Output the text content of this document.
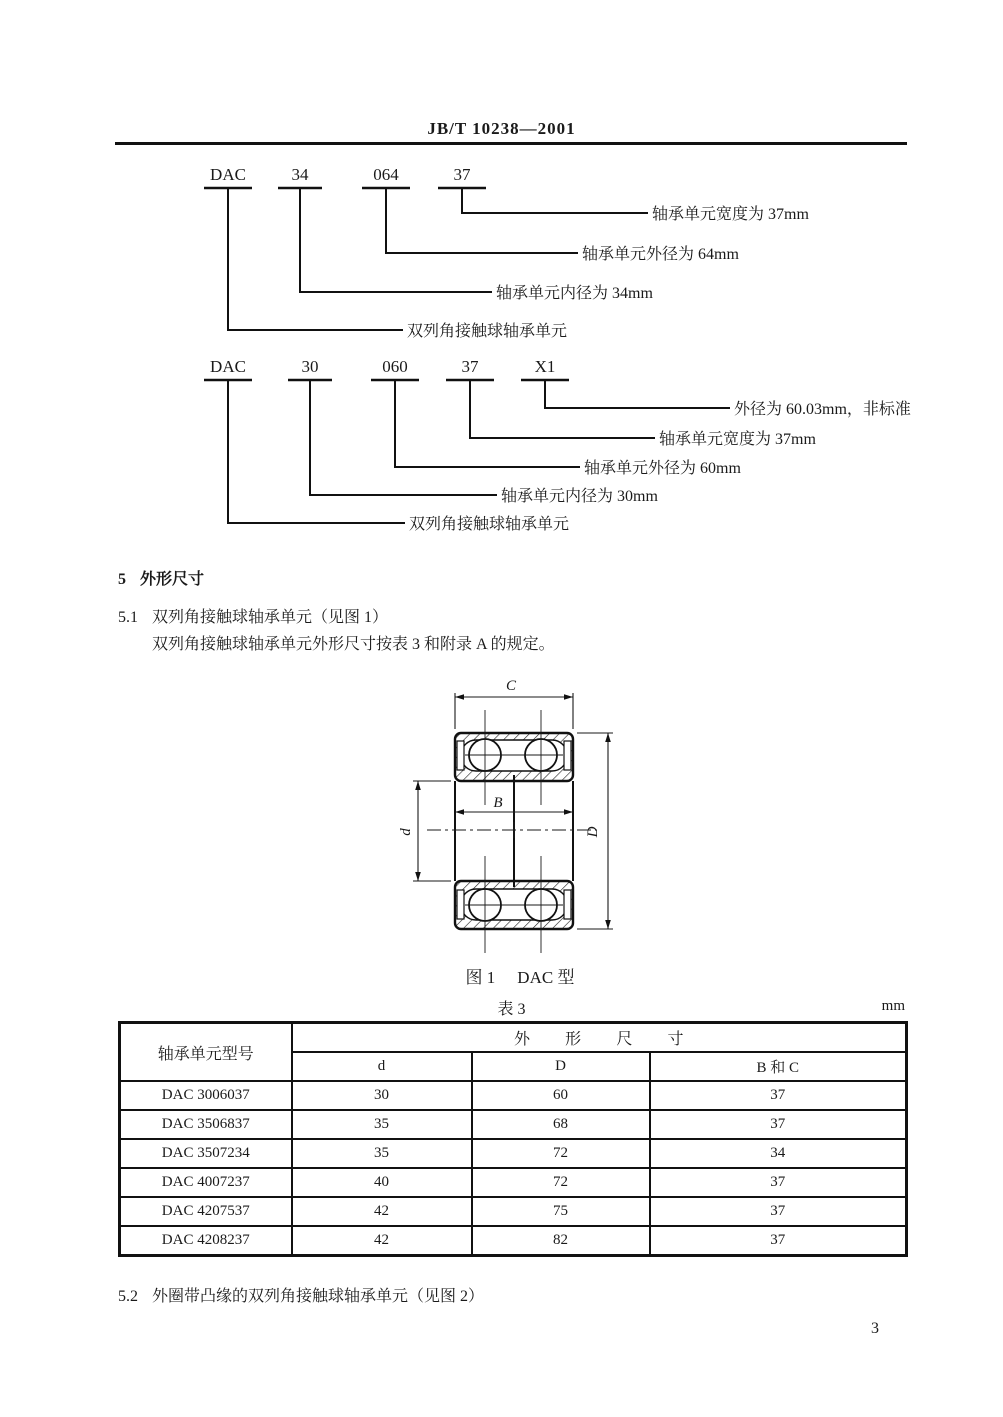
JB/T 10238—2001
DAC	34	064	37
轴承单元宽度为 37mm
轴承单元外径为 64mm
轴承单元内径为 34mm
双列角接触球轴承单元
DAC	30	060	37	X1
外径为 60.03mm，非标准
轴承单元宽度为 37mm
轴承单元外径为 60mm
轴承单元内径为 30mm
双列角接触球轴承单元
5 外形尺寸
5.1 双列角接触球轴承单元（见图 1）
双列角接触球轴承单元外形尺寸按表 3 和附录 A 的规定。
C
B
d	D
图 1 DAC 型
表 3	mm
轴承单元型号	外形尺寸		
	d	D	B 和 C
DAC 3006037	30	60	37
DAC 3506837	35	68	37
DAC 3507234	35	72	34
DAC 4007237	40	72	37
DAC 4207537	42	75	37
DAC 4208237	42	82	37
5.2 外圈带凸缘的双列角接触球轴承单元（见图 2）
3
